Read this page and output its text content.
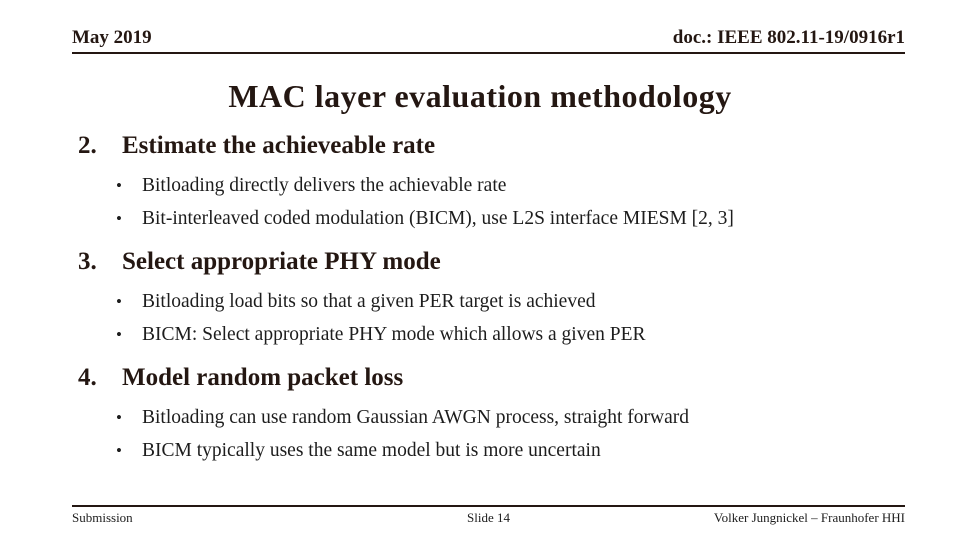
May 2019	doc.: IEEE 802.11-19/0916r1
MAC layer evaluation methodology
2. Estimate the achieveable rate
• Bitloading directly delivers the achievable rate
• Bit-interleaved coded modulation (BICM), use L2S interface MIESM [2, 3]
3. Select appropriate PHY mode
• Bitloading load bits so that a given PER target is achieved
• BICM: Select appropriate PHY mode which allows a given PER
4. Model random packet loss
• Bitloading can use random Gaussian AWGN process, straight forward
• BICM typically uses the same model but is more uncertain
Submission	Slide 14	Volker Jungnickel – Fraunhofer HHI
